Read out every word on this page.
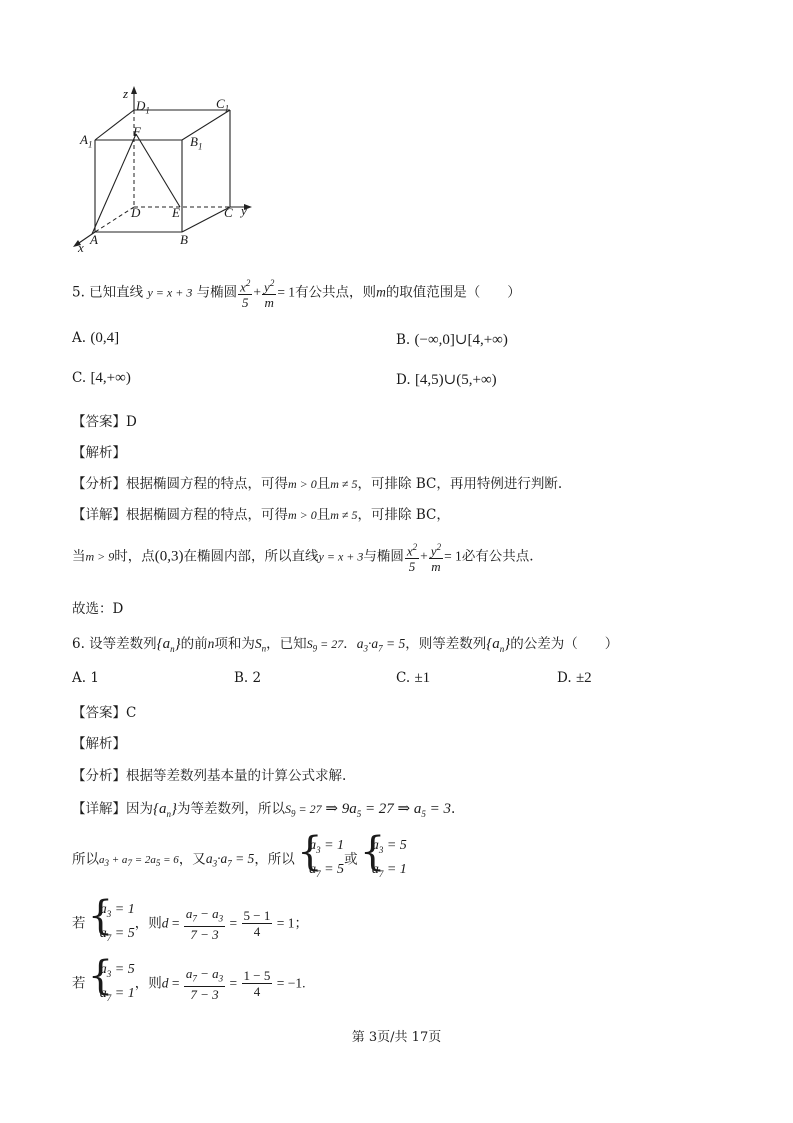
z
$D_1$	$C_1$
$A_1$	$B_1$
F
D E	C y
A	B
x
5. 已知直线 y = x + 3 与椭圆 $\frac{x^2}{5} + \frac{y^2}{m} = 1$有公共点，则m的取值范围是（　　）
A. (0,4]	B. (−∞,0]∪[4,+∞)
C. [4,+∞)	D. [4,5)∪(5,+∞)
【答案】D
【解析】
【分析】根据椭圆方程的特点，可得m > 0且m ≠ 5，可排除 BC，再用特例进行判断.
【详解】根据椭圆方程的特点，可得m > 0且m ≠ 5，可排除 BC，
当m > 9时，点(0,3)在椭圆内部，所以直线y = x + 3与椭圆 $\frac{x^2}{5} + \frac{y^2}{m} = 1$必有公共点.
故选：D
6. 设等差数列$\{a_n\}$的前n项和为$S_n$，已知$S_9 = 27$．$a_3\cdot a_7 = 5$，则等差数列$\{a_n\}$的公差为（　　）
A. 1	B. 2	C. ±1	D. ±2
【答案】C
【解析】
【分析】根据等差数列基本量的计算公式求解.
【详解】因为$\{a_n\}$为等差数列，所以$S_9 = 27$ ⇒ $9a_5 = 27$ ⇒ $a_5 = 3$.
所以$a_3 + a_7 = 2a_5 = 6$，又$a_3\cdot a_7 = 5$，所以
{ $a_3 = 1$
$a_7 = 5$
或
{ $a_3 = 5$
$a_7 = 1$
若
{ $a_3 = 1$
$a_7 = 5$
，则$d = \frac{a_7 - a_3}{7 - 3} = \frac{5 - 1}{4} = 1$；
若
{ $a_3 = 5$
$a_7 = 1$
，则$d = \frac{a_7 - a_3}{7 - 3} = \frac{1 - 5}{4} = -1$.
第 3页/共 17页
